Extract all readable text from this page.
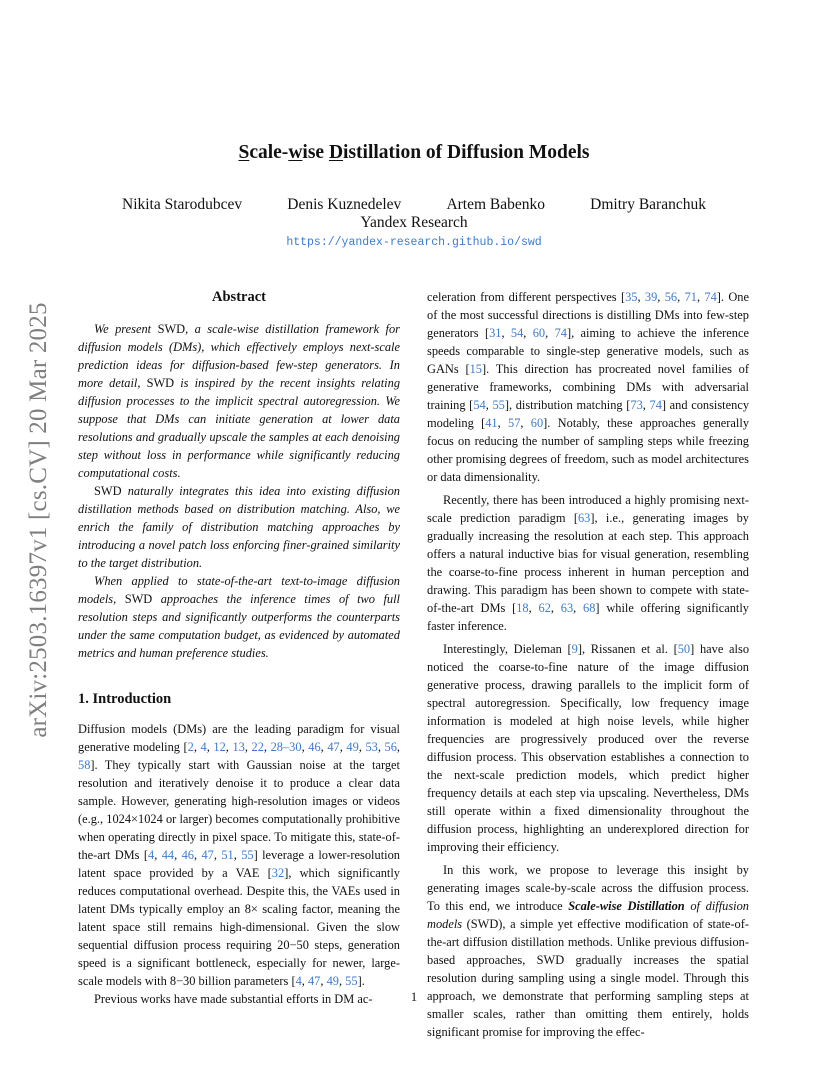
arXiv:2503.16397v1 [cs.CV] 20 Mar 2025
Scale-wise Distillation of Diffusion Models
Nikita Starodubcev	Denis Kuznedelev	Artem Babenko	Dmitry Baranchuk
Yandex Research
https://yandex-research.github.io/swd
Abstract

We present SWD, a scale-wise distillation framework for diffusion models (DMs), which effectively employs next-scale prediction ideas for diffusion-based few-step generators. In more detail, SWD is inspired by the recent insights relating diffusion processes to the implicit spectral autoregression. We suppose that DMs can initiate generation at lower data resolutions and gradually upscale the samples at each denoising step without loss in performance while significantly reducing computational costs.

SWD naturally integrates this idea into existing diffusion distillation methods based on distribution matching. Also, we enrich the family of distribution matching approaches by introducing a novel patch loss enforcing finer-grained similarity to the target distribution.

When applied to state-of-the-art text-to-image diffusion models, SWD approaches the inference times of two full resolution steps and significantly outperforms the counterparts under the same computation budget, as evidenced by automated metrics and human preference studies.

1. Introduction

Diffusion models (DMs) are the leading paradigm for visual generative modeling [2, 4, 12, 13, 22, 28–30, 46, 47, 49, 53, 56, 58]. They typically start with Gaussian noise at the target resolution and iteratively denoise it to produce a clear data sample. However, generating high-resolution images or videos (e.g., 1024×1024 or larger) becomes computationally prohibitive when operating directly in pixel space. To mitigate this, state-of-the-art DMs [4, 44, 46, 47, 51, 55] leverage a lower-resolution latent space provided by a VAE [32], which significantly reduces computational overhead. Despite this, the VAEs used in latent DMs typically employ an 8× scaling factor, meaning the latent space still remains high-dimensional. Given the slow sequential diffusion process requiring 20−50 steps, generation speed is a significant bottleneck, especially for newer, large-scale models with 8−30 billion parameters [4, 47, 49, 55].

Previous works have made substantial efforts in DM ac-

celeration from different perspectives [35, 39, 56, 71, 74]. One of the most successful directions is distilling DMs into few-step generators [31, 54, 60, 74], aiming to achieve the inference speeds comparable to single-step generative models, such as GANs [15]. This direction has procreated novel families of generative frameworks, combining DMs with adversarial training [54, 55], distribution matching [73, 74] and consistency modeling [41, 57, 60]. Notably, these approaches generally focus on reducing the number of sampling steps while freezing other promising degrees of freedom, such as model architectures or data dimensionality.

Recently, there has been introduced a highly promising next-scale prediction paradigm [63], i.e., generating images by gradually increasing the resolution at each step. This approach offers a natural inductive bias for visual generation, resembling the coarse-to-fine process inherent in human perception and drawing. This paradigm has been shown to compete with state-of-the-art DMs [18, 62, 63, 68] while offering significantly faster inference.

Interestingly, Dieleman [9], Rissanen et al. [50] have also noticed the coarse-to-fine nature of the image diffusion generative process, drawing parallels to the implicit form of spectral autoregression. Specifically, low frequency image information is modeled at high noise levels, while higher frequencies are progressively produced over the reverse diffusion process. This observation establishes a connection to the next-scale prediction models, which predict higher frequency details at each step via upscaling. Nevertheless, DMs still operate within a fixed dimensionality throughout the diffusion process, highlighting an underexplored direction for improving their efficiency.

In this work, we propose to leverage this insight by generating images scale-by-scale across the diffusion process. To this end, we introduce Scale-wise Distillation of diffusion models (SWD), a simple yet effective modification of state-of-the-art diffusion distillation methods. Unlike previous diffusion-based approaches, SWD gradually increases the spatial resolution during sampling using a single model. Through this approach, we demonstrate that performing sampling steps at smaller scales, rather than omitting them entirely, holds significant promise for improving the effec-

1
